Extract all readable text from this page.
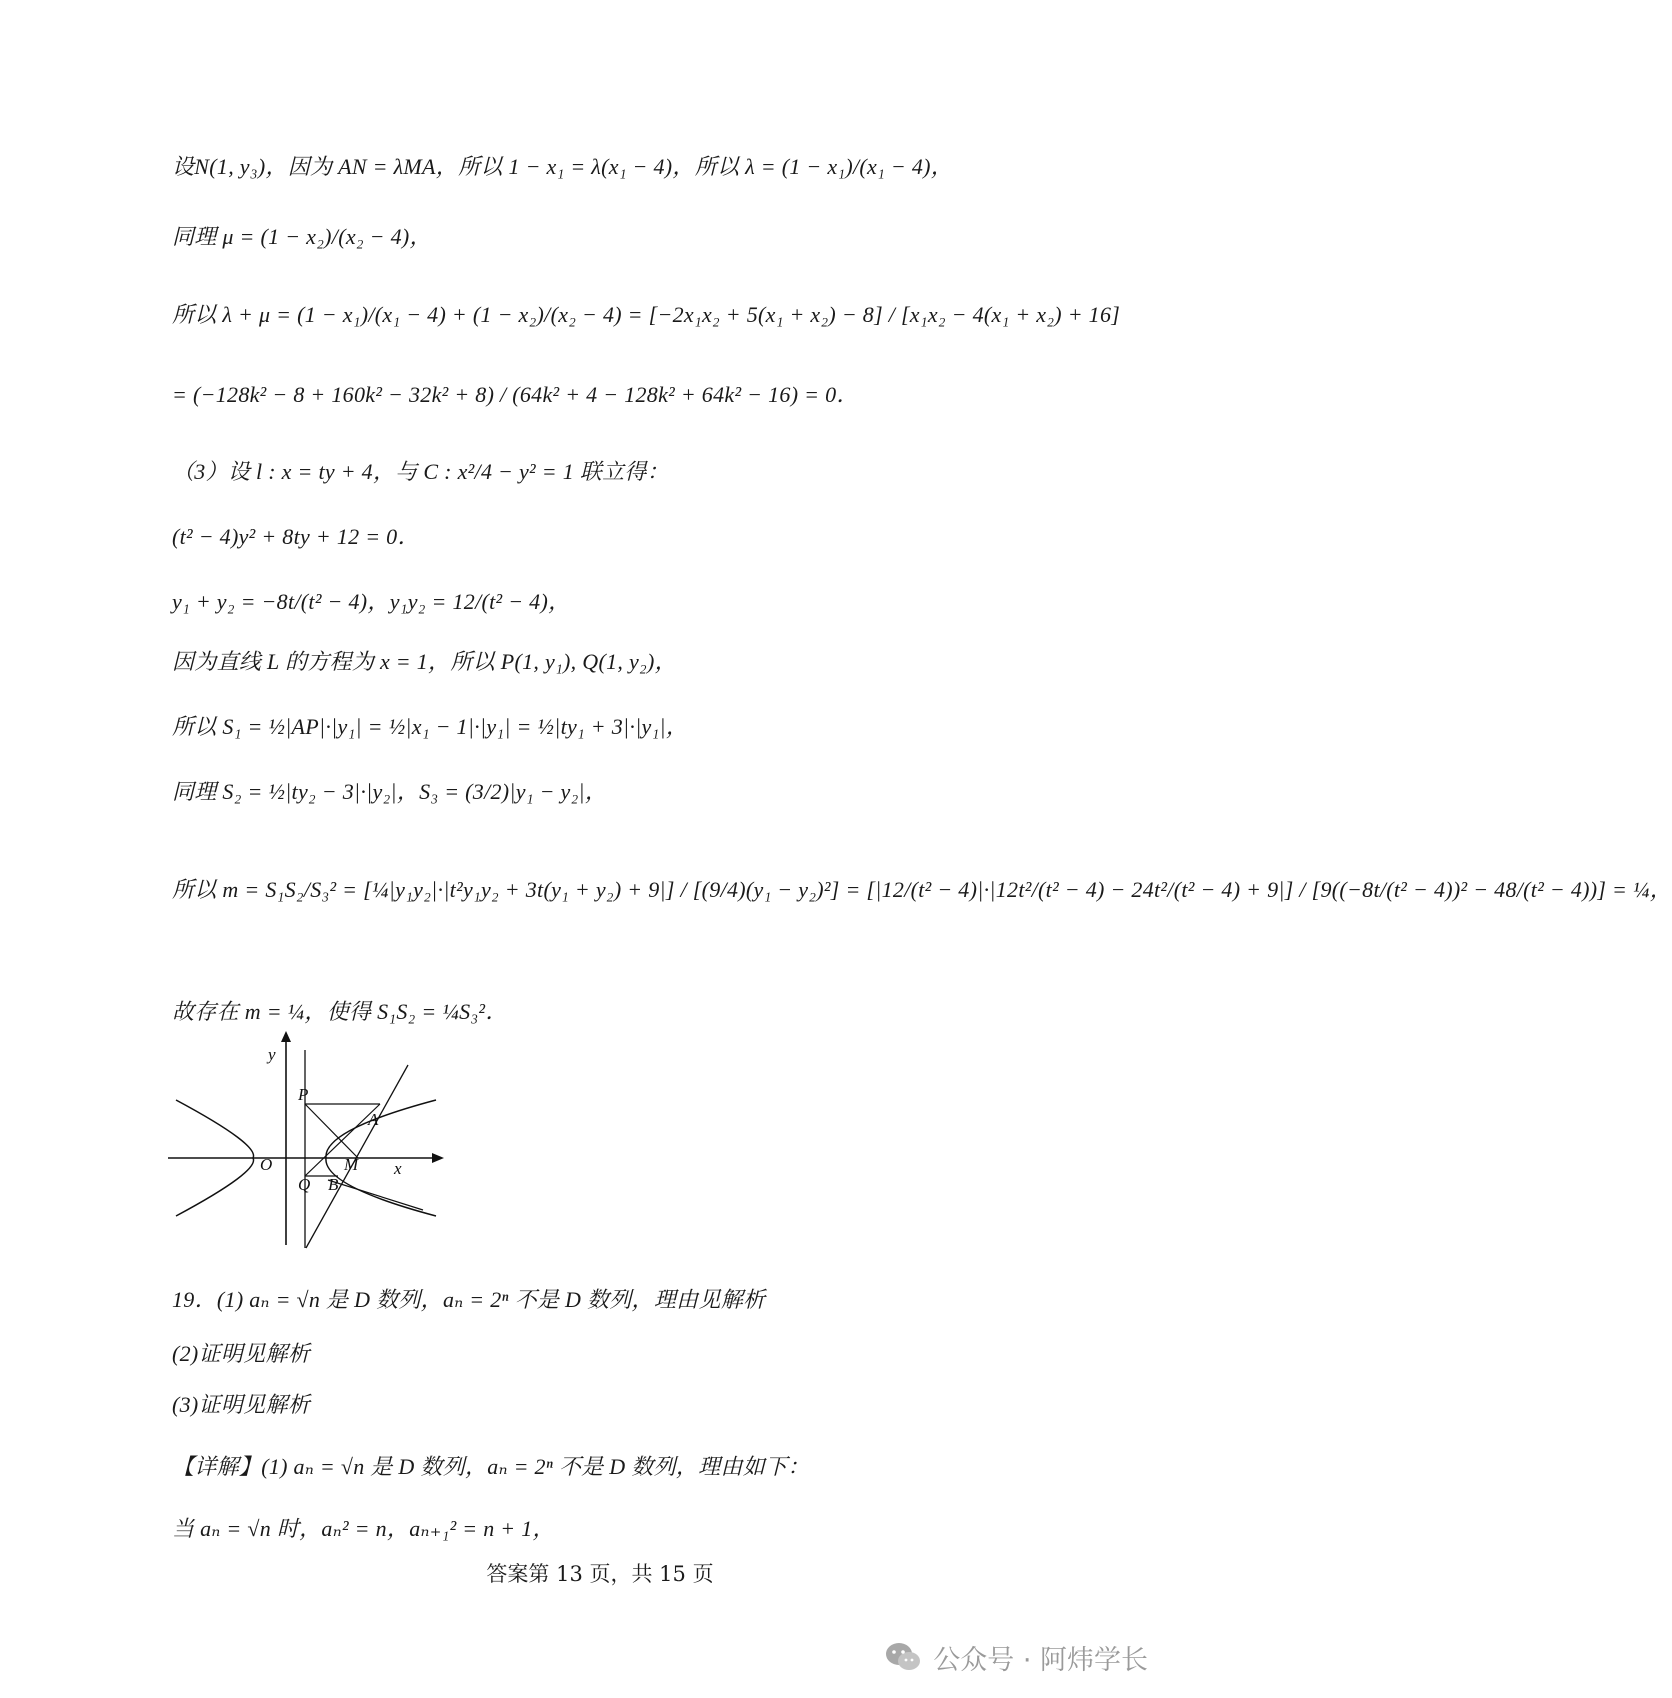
设N(1, y₃)，因为 AN = λMA，所以 1 − x₁ = λ(x₁ − 4)，所以 λ = (1 − x₁)/(x₁ − 4)，
同理 μ = (1 − x₂)/(x₂ − 4)，
所以 λ + μ = (1 − x₁)/(x₁ − 4) + (1 − x₂)/(x₂ − 4) = [−2x₁x₂ + 5(x₁ + x₂) − 8] / [x₁x₂ − 4(x₁ + x₂) + 16]
= (−128k² − 8 + 160k² − 32k² + 8) / (64k² + 4 − 128k² + 64k² − 16) = 0．
（3）设 l : x = ty + 4，与 C : x²/4 − y² = 1 联立得：
(t² − 4)y² + 8ty + 12 = 0．
y₁ + y₂ = −8t/(t² − 4)，y₁y₂ = 12/(t² − 4)，
因为直线 L 的方程为 x = 1，所以 P(1, y₁), Q(1, y₂)，
所以 S₁ = ½|AP|·|y₁| = ½|x₁ − 1|·|y₁| = ½|ty₁ + 3|·|y₁|，
同理 S₂ = ½|ty₂ − 3|·|y₂|，S₃ = (3/2)|y₁ − y₂|，
所以 m = S₁S₂/S₃² = [¼|y₁y₂|·|t²y₁y₂ + 3t(y₁ + y₂) + 9|] / [(9/4)(y₁ − y₂)²] = [|12/(t² − 4)|·|12t²/(t² − 4) − 24t²/(t² − 4) + 9|] / [9((−8t/(t² − 4))² − 48/(t² − 4))] = ¼，
故存在 m = ¼，使得 S₁S₂ = ¼S₃²．
19．(1) aₙ = √n 是 D 数列，aₙ = 2ⁿ 不是 D 数列，理由见解析
(2)证明见解析
(3)证明见解析
【详解】(1) aₙ = √n 是 D 数列，aₙ = 2ⁿ 不是 D 数列，理由如下：
当 aₙ = √n 时，aₙ² = n，aₙ₊₁² = n + 1，
y
x
O
P
Q
A
B
M
答案第 13 页，共 15 页
公众号 · 阿炜学长
